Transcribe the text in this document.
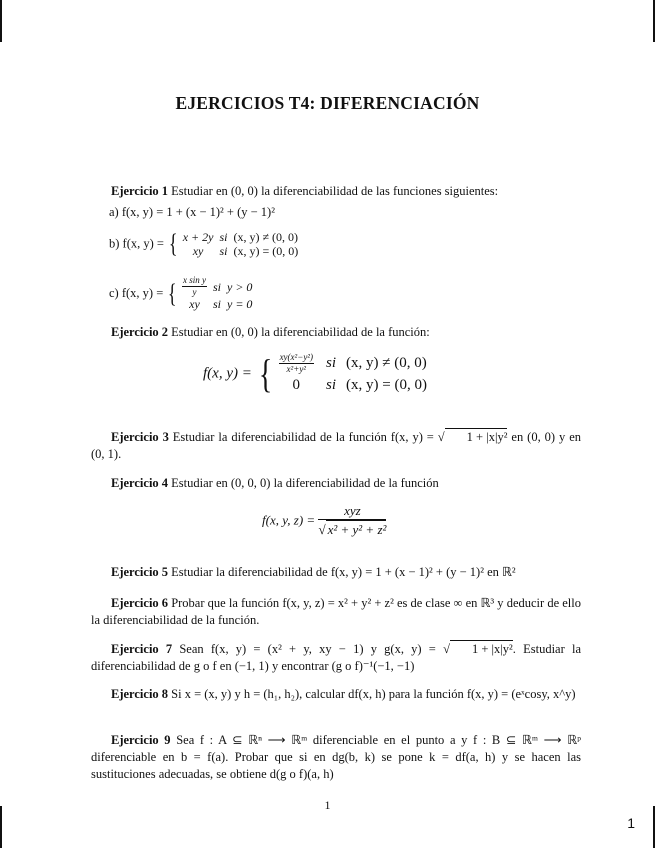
EJERCICIOS T4: DIFERENCIACIÓN
Ejercicio 1 Estudiar en (0, 0) la diferenciabilidad de las funciones siguientes:
a) f(x, y) = 1 + (x − 1)² + (y − 1)²
b) f(x, y) = { x + 2y	si	(x, y) ≠ (0, 0)
xy	si	(x, y) = (0, 0)
c) f(x, y) = { $\frac{\text{x sin y}}{y}$	si	y > 0
xy	si	y = 0
Ejercicio 2 Estudiar en (0, 0) la diferenciabilidad de la función:
f(x, y) = { $\frac{\text{xy(x²−y²)}}{\text{x²+y²}}$	si	(x, y) ≠ (0, 0)
0	si	(x, y) = (0, 0)
Ejercicio 3 Estudiar la diferenciabilidad de la función f(x, y) = √ 1 + |x|y² en (0, 0) y en (0, 1).
Ejercicio 4 Estudiar en (0, 0, 0) la diferenciabilidad de la función
f(x, y, z) =
xyz
√ x² + y² + z²
Ejercicio 5 Estudiar la diferenciabilidad de f(x, y) = 1 + (x − 1)² + (y − 1)² en ℝ²
Ejercicio 6 Probar que la función f(x, y, z) = x² + y² + z² es de clase ∞ en ℝ³ y deducir de ello la diferenciabilidad de la función.
Ejercicio 7 Sean f(x, y) = (x² + y, xy − 1) y g(x, y) = √ 1 + |x|y². Estudiar la diferenciabilidad de g o f en (−1, 1) y encontrar (g o f)⁻¹(−1, −1)
Ejercicio 8 Si x = (x, y) y h = (h₁, h₂), calcular df(x, h) para la función f(x, y) = (eˣcosy, x^y)
Ejercicio 9 Sea f : A ⊆ ℝⁿ ⟶ ℝᵐ diferenciable en el punto a y f : B ⊆ ℝᵐ ⟶ ℝᵖ diferenciable en b = f(a). Probar que si en dg(b, k) se pone k = df(a, h) y se hacen las sustituciones adecuadas, se obtiene d(g o f)(a, h)
1
1
